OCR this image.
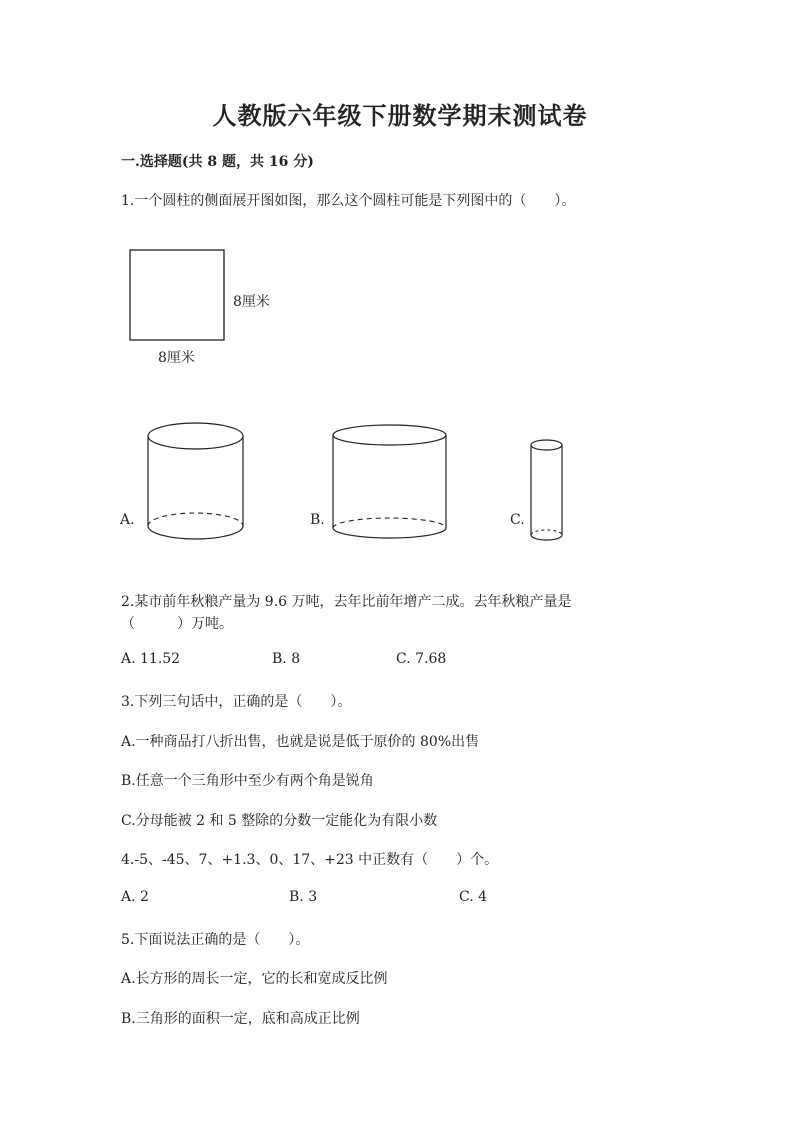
人教版六年级下册数学期末测试卷
一.选择题(共 8 题，共 16 分)
1.一个圆柱的侧面展开图如图，那么这个圆柱可能是下列图中的（　　）。
8厘米
8厘米
A.	B.	C.
2.某市前年秋粮产量为 9.6 万吨，去年比前年增产二成。去年秋粮产量是
（　　　）万吨。
A. 11.52	B. 8	C. 7.68
3.下列三句话中，正确的是（　　）。
A.一种商品打八折出售，也就是说是低于原价的 80%出售
B.任意一个三角形中至少有两个角是锐角
C.分母能被 2 和 5 整除的分数一定能化为有限小数
4.-5、-45、7、+1.3、0、17、+23 中正数有（　　）个。
A. 2	B. 3	C. 4
5.下面说法正确的是（　　）。
A.长方形的周长一定，它的长和宽成反比例
B.三角形的面积一定，底和高成正比例
